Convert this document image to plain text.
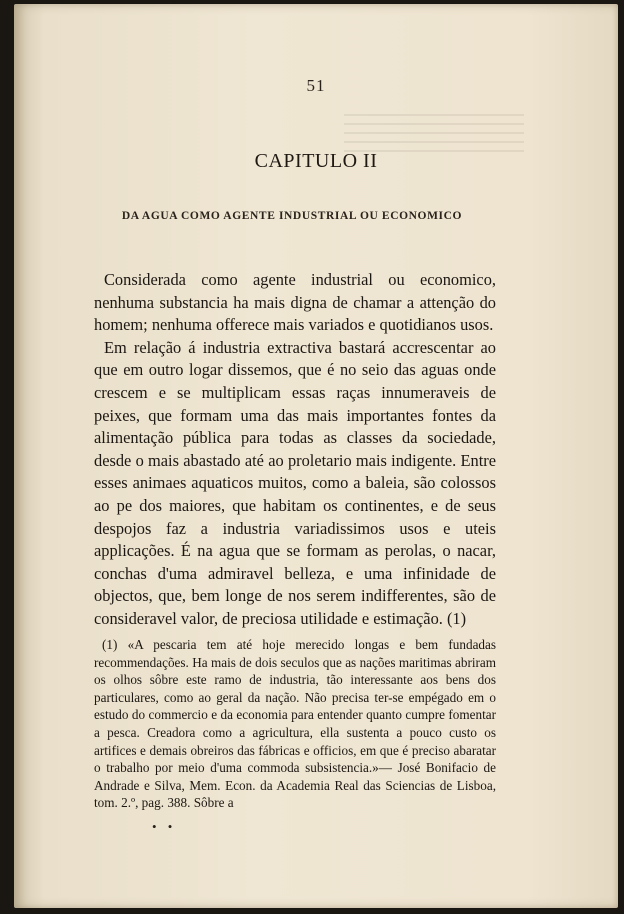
51
CAPITULO II
DA AGUA COMO AGENTE INDUSTRIAL OU ECONOMICO

Considerada como agente industrial ou economico, nenhuma substancia ha mais digna de chamar a attenção do homem; nenhuma offerece mais variados e quotidianos usos.

Em relação á industria extractiva bastará accrescentar ao que em outro logar dissemos, que é no seio das aguas onde crescem e se multiplicam essas raças innumeraveis de peixes, que formam uma das mais importantes fontes da alimentação pública para todas as classes da sociedade, desde o mais abastado até ao proletario mais indigente. Entre esses animaes aquaticos muitos, como a baleia, são colossos ao pe dos maiores, que habitam os continentes, e de seus despojos faz a industria variadissimos usos e uteis applicações. É na agua que se formam as perolas, o nacar, conchas d'uma admiravel belleza, e uma infinidade de objectos, que, bem longe de nos serem indifferentes, são de consideravel valor, de preciosa utilidade e estimação. (1)

(1) «A pescaria tem até hoje merecido longas e bem fundadas recommendações. Ha mais de dois seculos que as nações maritimas abriram os olhos sôbre este ramo de industria, tão interessante aos bens dos particulares, como ao geral da nação. Não precisa ter-se empégado em o estudo do commercio e da economia para entender quanto cumpre fomentar a pesca. Creadora como a agricultura, ella sustenta a pouco custo os artifices e demais obreiros das fábricas e officios, em que é preciso abaratar o trabalho por meio d'uma commoda subsistencia.»— José Bonifacio de Andrade e Silva, Mem. Econ. da Academia Real das Sciencias de Lisboa, tom. 2.º, pag. 388. Sôbre a

• •
